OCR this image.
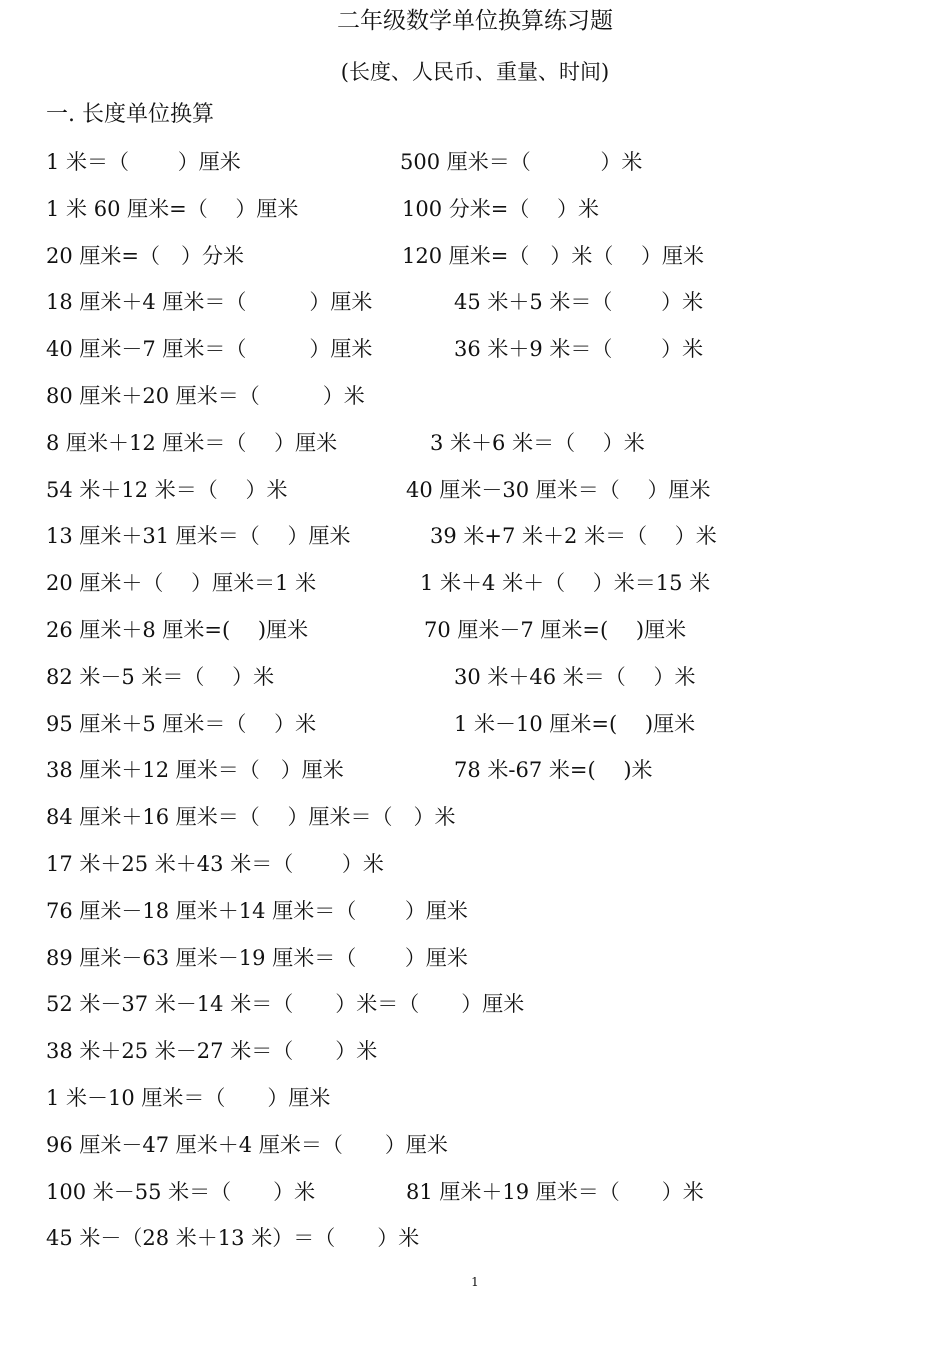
二年级数学单位换算练习题
(长度、人民币、重量、时间)
一. 长度单位换算
1 米＝（　　 ）厘米	500 厘米＝（　　　 ）米
1 米 60 厘米=（　 ）厘米	100 分米=（　 ）米
20 厘米=（　）分米	120 厘米=（　）米（　 ）厘米
18 厘米＋4 厘米＝（　　　）厘米	45 米＋5 米＝（　　 ）米
40 厘米－7 厘米＝（　　　）厘米	36 米＋9 米＝（　　 ）米
80 厘米＋20 厘米＝（　　　）米
8 厘米＋12 厘米＝（　 ）厘米	3 米＋6 米＝（　 ）米
54 米＋12 米＝（　 ）米	40 厘米－30 厘米＝（　 ）厘米
13 厘米＋31 厘米＝（　 ）厘米	39 米+7 米＋2 米＝（　 ）米
20 厘米＋（　 ）厘米＝1 米	1 米＋4 米＋（　 ）米＝15 米
26 厘米＋8 厘米=(　 )厘米	70 厘米－7 厘米=(　 )厘米
82 米－5 米＝（　 ）米	30 米＋46 米＝（　 ）米
95 厘米＋5 厘米＝（　 ）米	1 米－10 厘米=(　 )厘米
38 厘米＋12 厘米＝（　）厘米	78 米-67 米=(　 )米
84 厘米＋16 厘米＝（　 ）厘米＝（　）米
17 米＋25 米＋43 米＝（　　 ）米
76 厘米－18 厘米＋14 厘米＝（　　 ）厘米
89 厘米－63 厘米－19 厘米＝（　　 ）厘米
52 米－37 米－14 米＝（　　）米＝（　　）厘米
38 米＋25 米－27 米＝（　　）米
1 米－10 厘米＝（　　）厘米
96 厘米－47 厘米＋4 厘米＝（　　）厘米
100 米－55 米＝（　　）米	81 厘米＋19 厘米＝（　　）米
45 米－（28 米＋13 米）＝（　　）米
1
